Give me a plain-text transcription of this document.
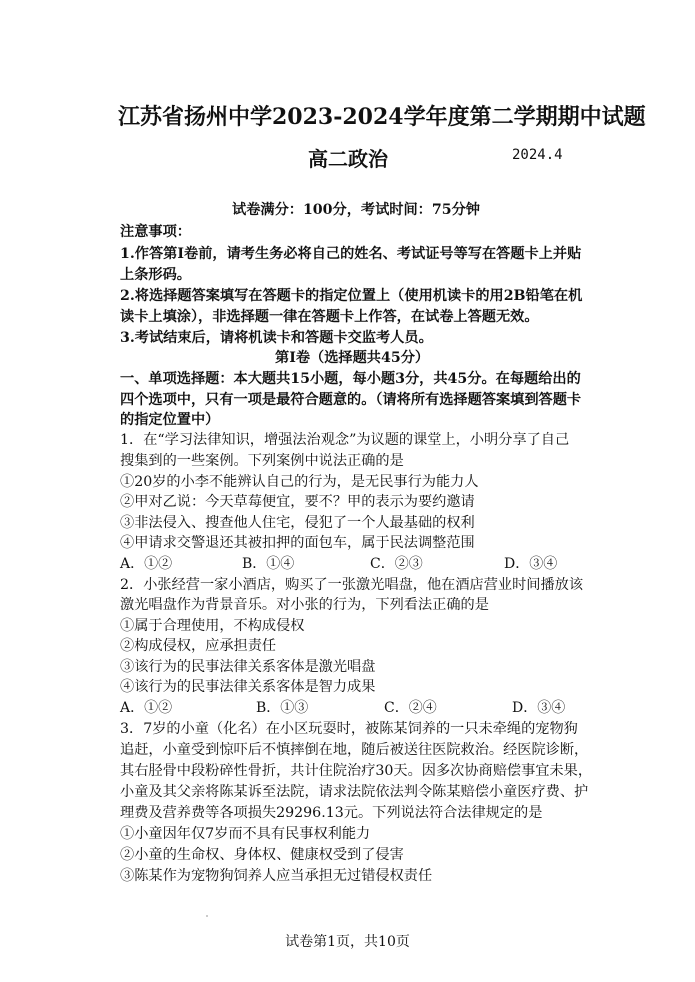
江苏省扬州中学2023-2024学年度第二学期期中试题
高二政治	2024.4
试卷满分：100分，考试时间：75分钟
注意事项：
1.作答第Ⅰ卷前，请考生务必将自己的姓名、考试证号等写在答题卡上并贴
上条形码。
2.将选择题答案填写在答题卡的指定位置上（使用机读卡的用2B铅笔在机
读卡上填涂），非选择题一律在答题卡上作答，在试卷上答题无效。
3.考试结束后，请将机读卡和答题卡交监考人员。
第Ⅰ卷（选择题共45分）
一、单项选择题：本大题共15小题，每小题3分，共45分。在每题给出的
四个选项中，只有一项是最符合题意的。（请将所有选择题答案填到答题卡
的指定位置中）
1．在“学习法律知识，增强法治观念”为议题的课堂上，小明分享了自己
搜集到的一些案例。下列案例中说法正确的是
①20岁的小李不能辨认自己的行为，是无民事行为能力人
②甲对乙说：今天草莓便宜，要不？甲的表示为要约邀请
③非法侵入、搜查他人住宅，侵犯了一个人最基础的权利
④甲请求交警退还其被扣押的面包车，属于民法调整范围
A．①②	B．①④	C．②③	D．③④
2．小张经营一家小酒店，购买了一张激光唱盘，他在酒店营业时间播放该
激光唱盘作为背景音乐。对小张的行为，下列看法正确的是
①属于合理使用，不构成侵权
②构成侵权，应承担责任
③该行为的民事法律关系客体是激光唱盘
④该行为的民事法律关系客体是智力成果
A．①②	B．①③	C．②④	D．③④
3．7岁的小童（化名）在小区玩耍时，被陈某饲养的一只未牵绳的宠物狗
追赶，小童受到惊吓后不慎摔倒在地，随后被送往医院救治。经医院诊断，
其右胫骨中段粉碎性骨折，共计住院治疗30天。因多次协商赔偿事宜未果，
小童及其父亲将陈某诉至法院，请求法院依法判令陈某赔偿小童医疗费、护
理费及营养费等各项损失29296.13元。下列说法符合法律规定的是
①小童因年仅7岁而不具有民事权利能力
②小童的生命权、身体权、健康权受到了侵害
③陈某作为宠物狗饲养人应当承担无过错侵权责任
试卷第1页，共10页
